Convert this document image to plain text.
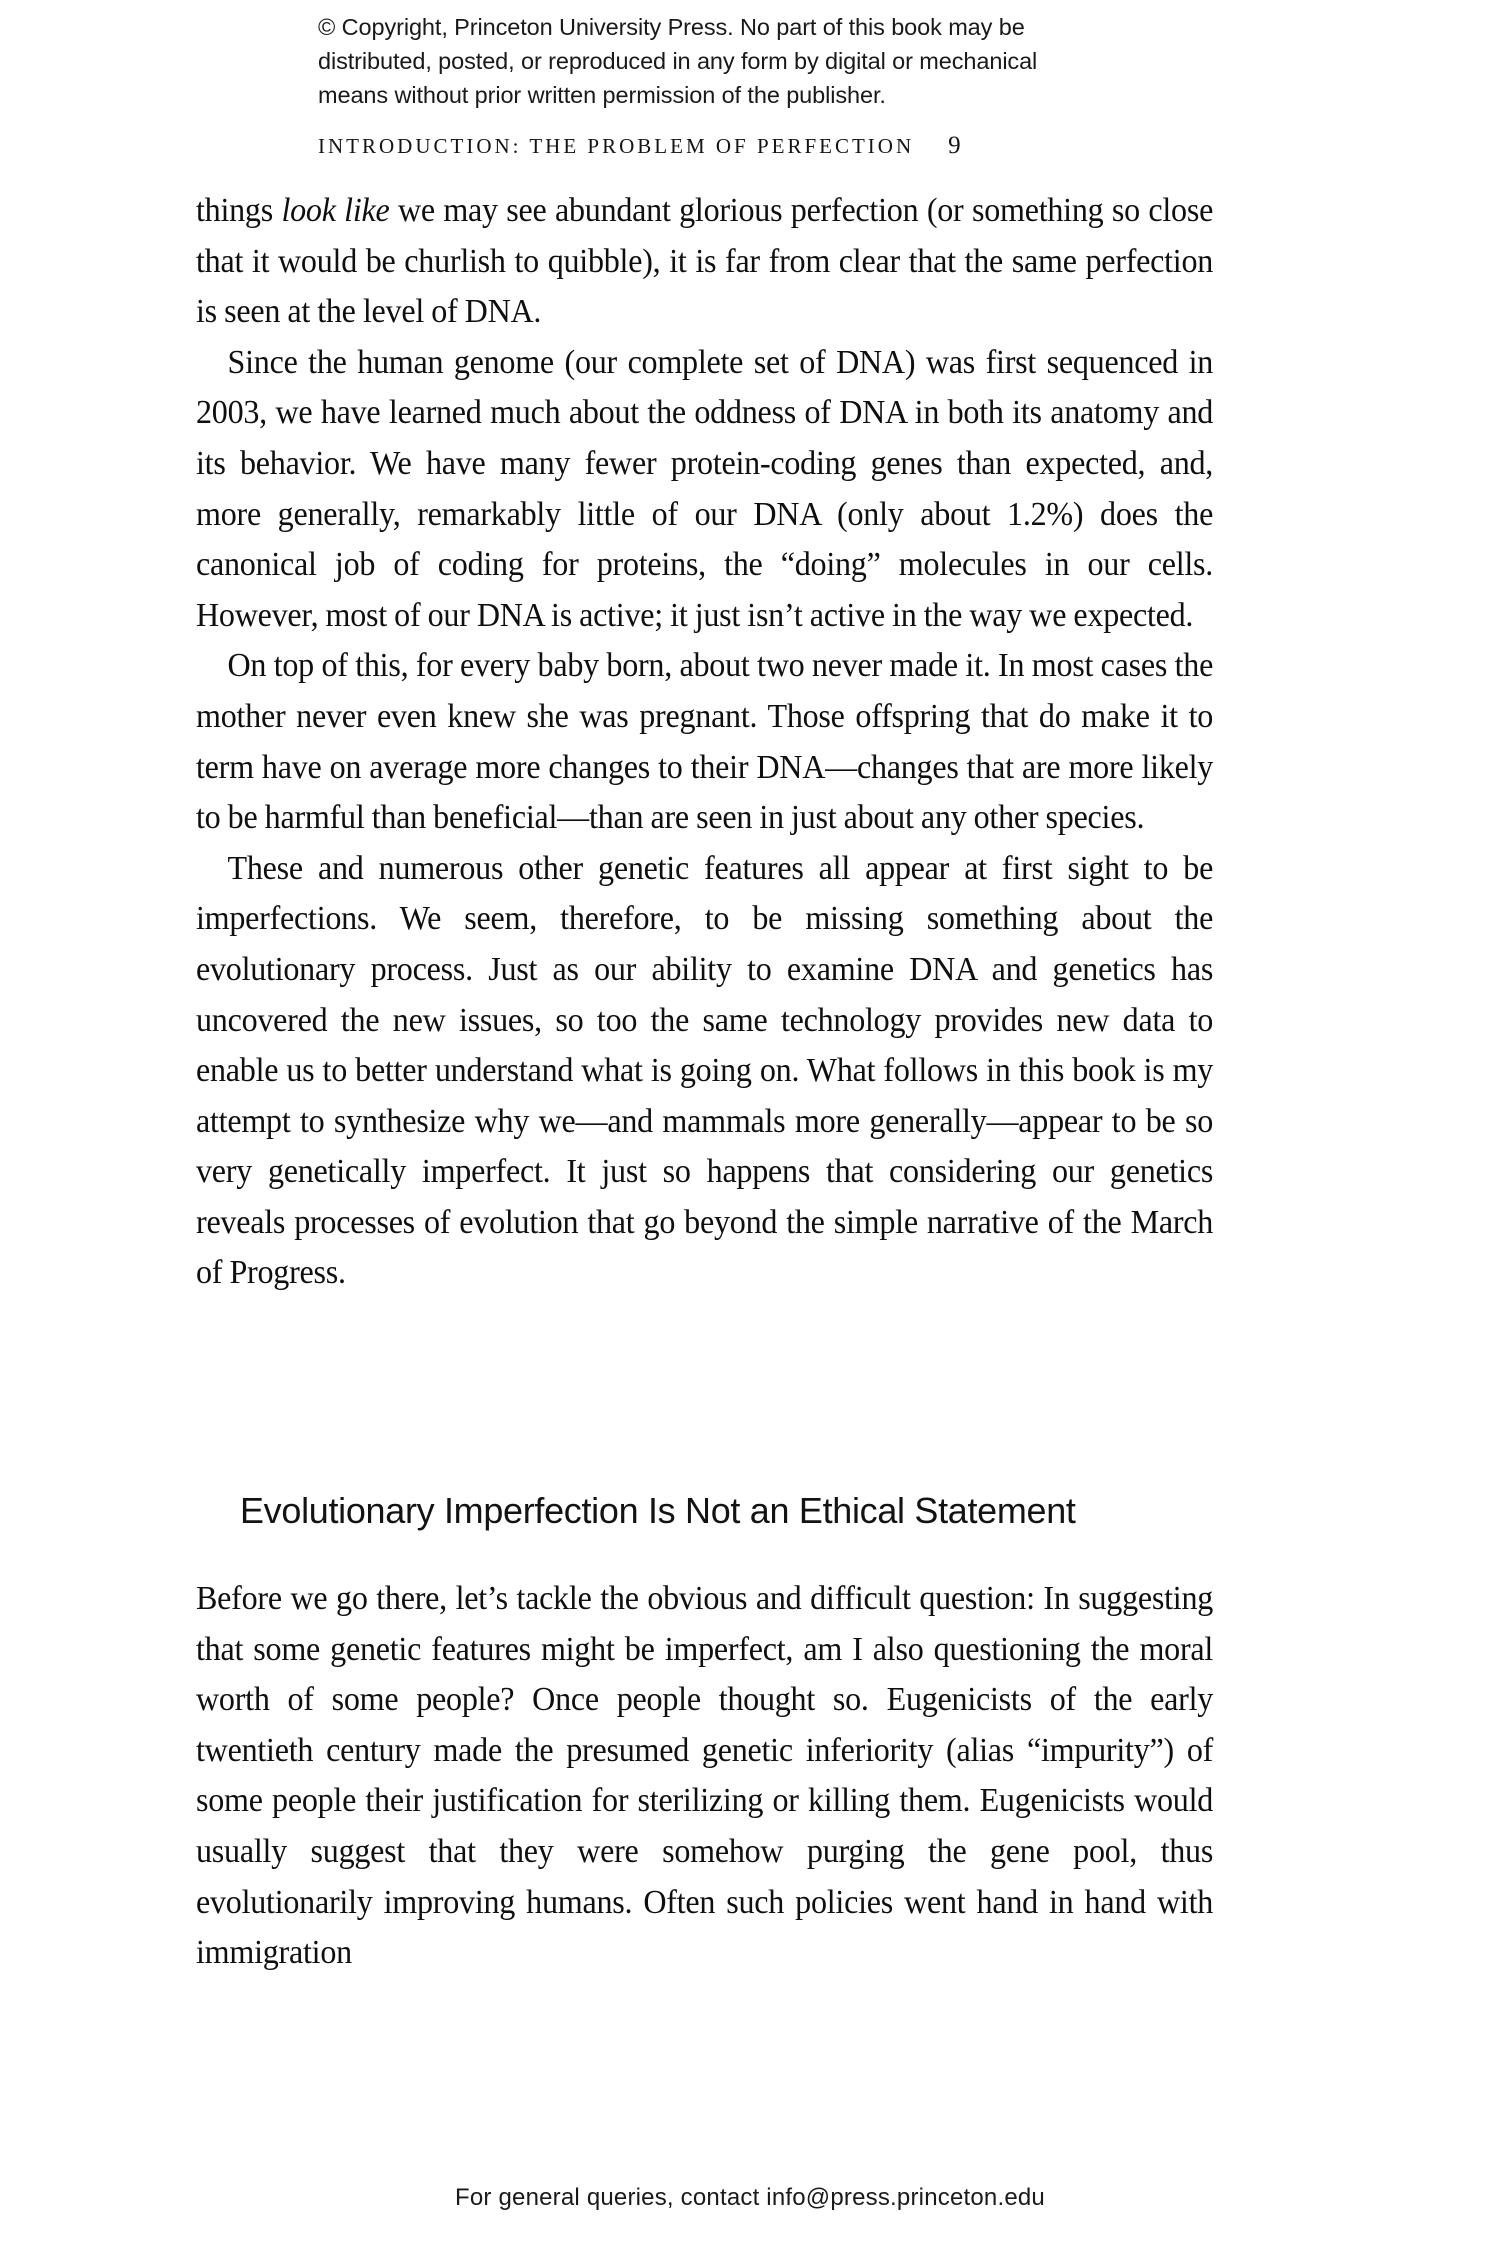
© Copyright, Princeton University Press. No part of this book may be
distributed, posted, or reproduced in any form by digital or mechanical
means without prior written permission of the publisher.
INTRODUCTION: THE PROBLEM OF PERFECTION 9

things look like we may see abundant glorious perfection (or something so close that it would be churlish to quibble), it is far from clear that the same perfection is seen at the level of DNA.

Since the human genome (our complete set of DNA) was first sequenced in 2003, we have learned much about the oddness of DNA in both its anatomy and its behavior. We have many fewer protein-coding genes than expected, and, more generally, remarkably little of our DNA (only about 1.2%) does the canonical job of coding for proteins, the “doing” molecules in our cells. However, most of our DNA is active; it just isn’t active in the way we expected.

On top of this, for every baby born, about two never made it. In most cases the mother never even knew she was pregnant. Those offspring that do make it to term have on average more changes to their DNA—changes that are more likely to be harmful than beneficial—than are seen in just about any other species.

These and numerous other genetic features all appear at first sight to be imperfections. We seem, therefore, to be missing something about the evolutionary process. Just as our ability to examine DNA and genetics has uncovered the new issues, so too the same technology provides new data to enable us to better understand what is going on. What follows in this book is my attempt to synthesize why we—and mammals more generally—appear to be so very genetically imperfect. It just so happens that considering our genetics reveals processes of evolution that go beyond the simple narrative of the March of Progress.

Evolutionary Imperfection Is Not an Ethical Statement

Before we go there, let’s tackle the obvious and difficult question: In suggesting that some genetic features might be imperfect, am I also questioning the moral worth of some people? Once people thought so. Eugenicists of the early twentieth century made the presumed genetic inferiority (alias “impurity”) of some people their justification for sterilizing or killing them. Eugenicists would usually suggest that they were somehow purging the gene pool, thus evolutionarily improving humans. Often such policies went hand in hand with immigration

For general queries, contact info@press.princeton.edu
